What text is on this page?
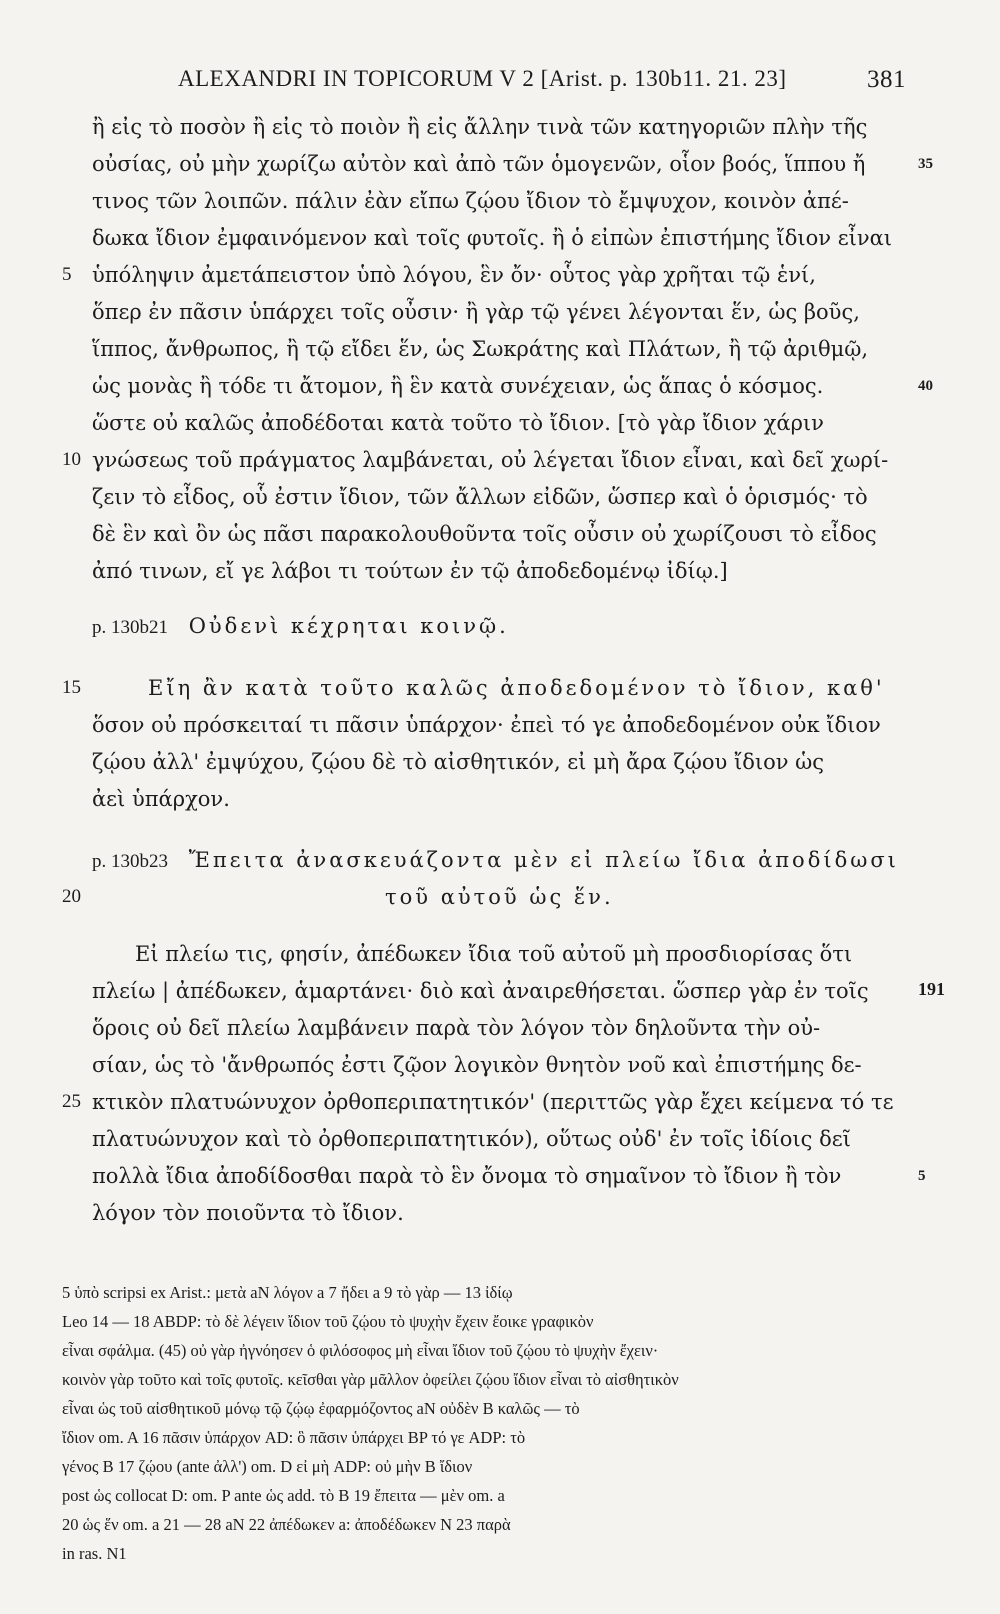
ALEXANDRI IN TOPICORUM V 2 [Arist. p. 130b11. 21. 23]	381
ἢ εἰς τὸ ποσὸν ἢ εἰς τὸ ποιὸν ἢ εἰς ἄλλην τινὰ τῶν κατηγοριῶν πλὴν τῆς
οὐσίας, οὐ μὴν χωρίζω αὐτὸν καὶ ἀπὸ τῶν ὁμογενῶν, οἷον βοός, ἵππου ἤ
τινος τῶν λοιπῶν. πάλιν ἐὰν εἴπω ζῴου ἴδιον τὸ ἔμψυχον, κοινὸν ἀπέ-
δωκα ἴδιον ἐμφαινόμενον καὶ τοῖς φυτοῖς. ἢ ὁ εἰπὼν ἐπιστήμης ἴδιον εἶναι
ὑπόληψιν ἀμετάπειστον ὑπὸ λόγου, ἓν ὄν· οὗτος γὰρ χρῆται τῷ ἑνί,
ὅπερ ἐν πᾶσιν ὑπάρχει τοῖς οὖσιν· ἢ γὰρ τῷ γένει λέγονται ἕν, ὡς βοῦς,
ἵππος, ἄνθρωπος, ἢ τῷ εἴδει ἕν, ὡς Σωκράτης καὶ Πλάτων, ἢ τῷ ἀριθμῷ,
ὡς μονὰς ἢ τόδε τι ἄτομον, ἢ ἓν κατὰ συνέχειαν, ὡς ἅπας ὁ κόσμος.
ὥστε οὐ καλῶς ἀποδέδοται κατὰ τοῦτο τὸ ἴδιον. [τὸ γὰρ ἴδιον χάριν
γνώσεως τοῦ πράγματος λαμβάνεται, οὐ λέγεται ἴδιον εἶναι, καὶ δεῖ χωρί-
ζειν τὸ εἶδος, οὗ ἐστιν ἴδιον, τῶν ἄλλων εἰδῶν, ὥσπερ καὶ ὁ ὁρισμός· τὸ
δὲ ἓν καὶ ὂν ὡς πᾶσι παρακολουθοῦντα τοῖς οὖσιν οὐ χωρίζουσι τὸ εἶδος
ἀπό τινων, εἴ γε λάβοι τι τούτων ἐν τῷ ἀποδεδομένῳ ἰδίῳ.]
5
10
35
40
p. 130b21 Οὐδενὶ κέχρηται κοινῷ.
Εἴη ἂν κατὰ τοῦτο καλῶς ἀποδεδομένον τὸ ἴδιον, καθ'
ὅσον οὐ πρόσκειταί τι πᾶσιν ὑπάρχον· ἐπεὶ τό γε ἀποδεδομένον οὐκ ἴδιον
ζῴου ἀλλ' ἐμψύχου, ζῴου δὲ τὸ αἰσθητικόν, εἰ μὴ ἄρα ζῴου ἴδιον ὡς
ἀεὶ ὑπάρχον.
15
p. 130b23 Ἔπειτα ἀνασκευάζοντα μὲν εἰ πλείω ἴδια ἀποδίδωσι
τοῦ αὐτοῦ ὡς ἕν.
20
Εἰ πλείω τις, φησίν, ἀπέδωκεν ἴδια τοῦ αὐτοῦ μὴ προσδιορίσας ὅτι
πλείω | ἀπέδωκεν, ἁμαρτάνει· διὸ καὶ ἀναιρεθήσεται. ὥσπερ γὰρ ἐν τοῖς
ὅροις οὐ δεῖ πλείω λαμβάνειν παρὰ τὸν λόγον τὸν δηλοῦντα τὴν οὐ-
σίαν, ὡς τὸ 'ἄνθρωπός ἐστι ζῷον λογικὸν θνητὸν νοῦ καὶ ἐπιστήμης δε-
κτικὸν πλατυώνυχον ὀρθοπεριπατητικόν' (περιττῶς γὰρ ἔχει κείμενα τό τε
πλατυώνυχον καὶ τὸ ὀρθοπεριπατητικόν), οὕτως οὐδ' ἐν τοῖς ἰδίοις δεῖ
πολλὰ ἴδια ἀποδίδοσθαι παρὰ τὸ ἓν ὄνομα τὸ σημαῖνον τὸ ἴδιον ἢ τὸν
λόγον τὸν ποιοῦντα τὸ ἴδιον.
25
191
5
5 ὑπὸ scripsi ex Arist.: μετὰ aN λόγον a 7 ἤδει a 9 τὸ γὰρ — 13 ἰδίῳ
Leo 14 — 18 ABDP: τὸ δὲ λέγειν ἴδιον τοῦ ζῴου τὸ ψυχὴν ἔχειν ἔοικε γραφικὸν
εἶναι σφάλμα. (45) οὐ γὰρ ἠγνόησεν ὁ φιλόσοφος μὴ εἶναι ἴδιον τοῦ ζῴου τὸ ψυχὴν ἔχειν·
κοινὸν γὰρ τοῦτο καὶ τοῖς φυτοῖς. κεῖσθαι γὰρ μᾶλλον ὀφείλει ζῴου ἴδιον εἶναι τὸ αἰσθητικὸν
εἶναι ὡς τοῦ αἰσθητικοῦ μόνῳ τῷ ζῴῳ ἐφαρμόζοντος aN οὐδὲν B καλῶς — τὸ
ἴδιον om. A 16 πᾶσιν ὑπάρχον AD: ὃ πᾶσιν ὑπάρχει BP τό γε ADP: τὸ
γένος B 17 ζῴου (ante ἀλλ') om. D εἰ μὴ ADP: οὐ μὴν B ἴδιον
post ὡς collocat D: om. P ante ὡς add. τὸ B 19 ἔπειτα — μὲν om. a
20 ὡς ἕν om. a 21 — 28 aN 22 ἀπέδωκεν a: ἀποδέδωκεν N 23 παρὰ
in ras. N1
